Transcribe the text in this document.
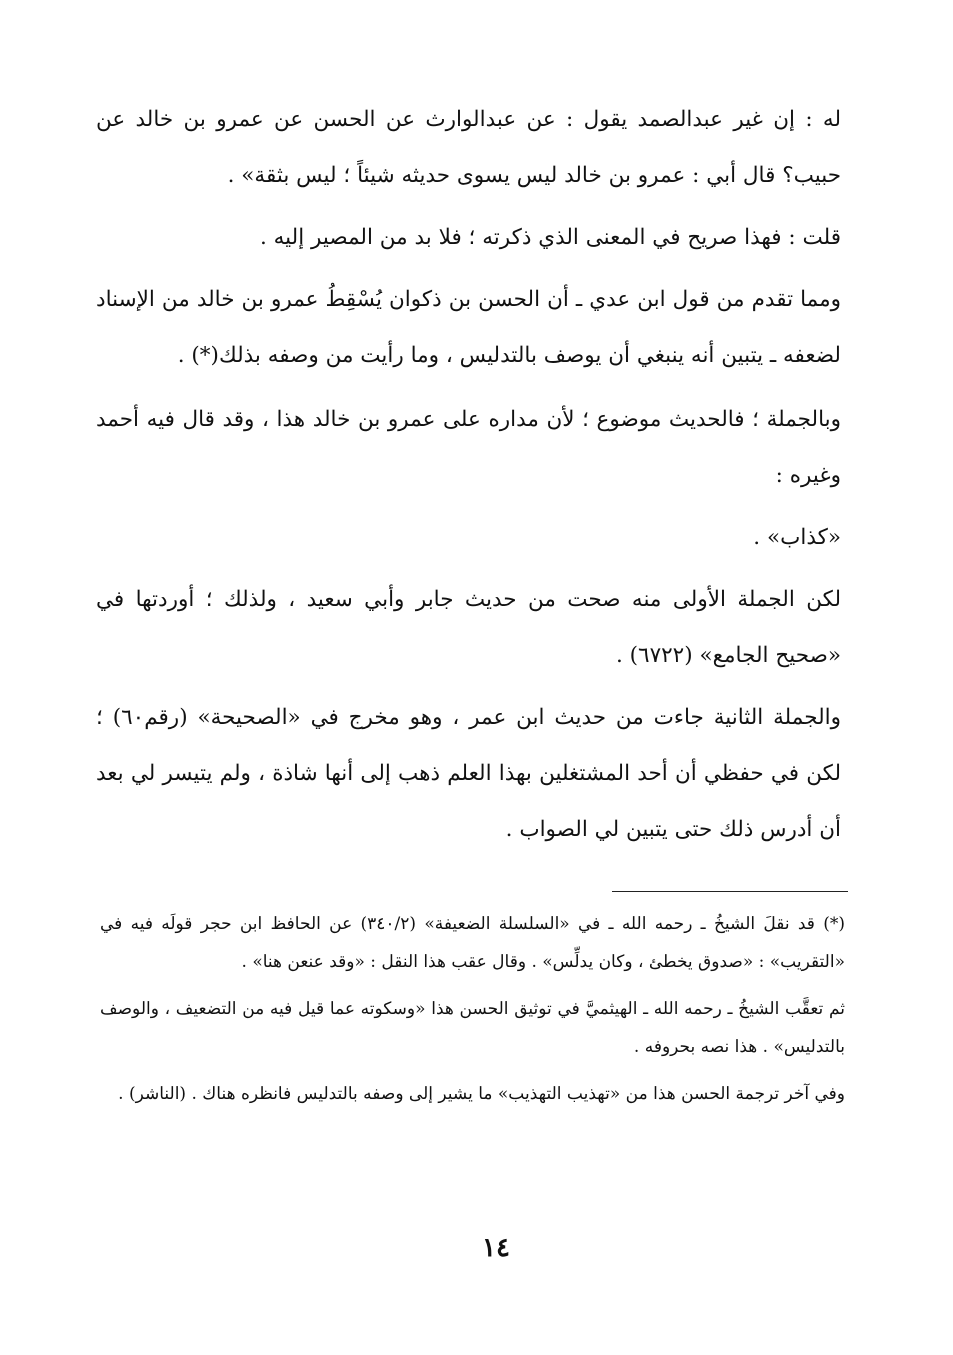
له : إن غير عبدالصمد يقول : عن عبدالوارث عن الحسن عن عمرو بن خالد عن حبيب؟ قال أبي : عمرو بن خالد ليس يسوى حديثه شيئاً ؛ ليس بثقة» .

قلت : فهذا صريح في المعنى الذي ذكرته ؛ فلا بد من المصير إليه .

ومما تقدم من قول ابن عدي ـ أن الحسن بن ذكوان يُسْقِطُ عمرو بن خالد من الإسناد لضعفه ـ يتبين أنه ينبغي أن يوصف بالتدليس ، وما رأيت من وصفه بذلك(*) .

وبالجملة ؛ فالحديث موضوع ؛ لأن مداره على عمرو بن خالد هذا ، وقد قال فيه أحمد وغيره :

«كذاب» .

لكن الجملة الأولى منه صحت من حديث جابر وأبي سعيد ، ولذلك ؛ أوردتها في «صحيح الجامع» (٦٧٢٢) .

والجملة الثانية جاءت من حديث ابن عمر ، وهو مخرج في «الصحيحة» (رقم٦٠) ؛ لكن في حفظي أن أحد المشتغلين بهذا العلم ذهب إلى أنها شاذة ، ولم يتيسر لي بعد أن أدرس ذلك حتى يتبين لي الصواب .

(*) قد نقلَ الشيخُ ـ رحمه الله ـ في «السلسلة الضعيفة» (٣٤٠/٢) عن الحافظ ابن حجر قولَه فيه في «التقريب» : «صدوق يخطئ ، وكان يدلِّس» . وقال عقب هذا النقل : «وقد عنعن هنا» .

ثم تعقَّب الشيخُ ـ رحمه الله ـ الهيثميَّ في توثيق الحسن هذا «وسكوته عما قيل فيه من التضعيف ، والوصف بالتدليس» . هذا نصه بحروفه .

وفي آخر ترجمة الحسن هذا من «تهذيب التهذيب» ما يشير إلى وصفه بالتدليس فانظره هناك . (الناشر) .

١٤
